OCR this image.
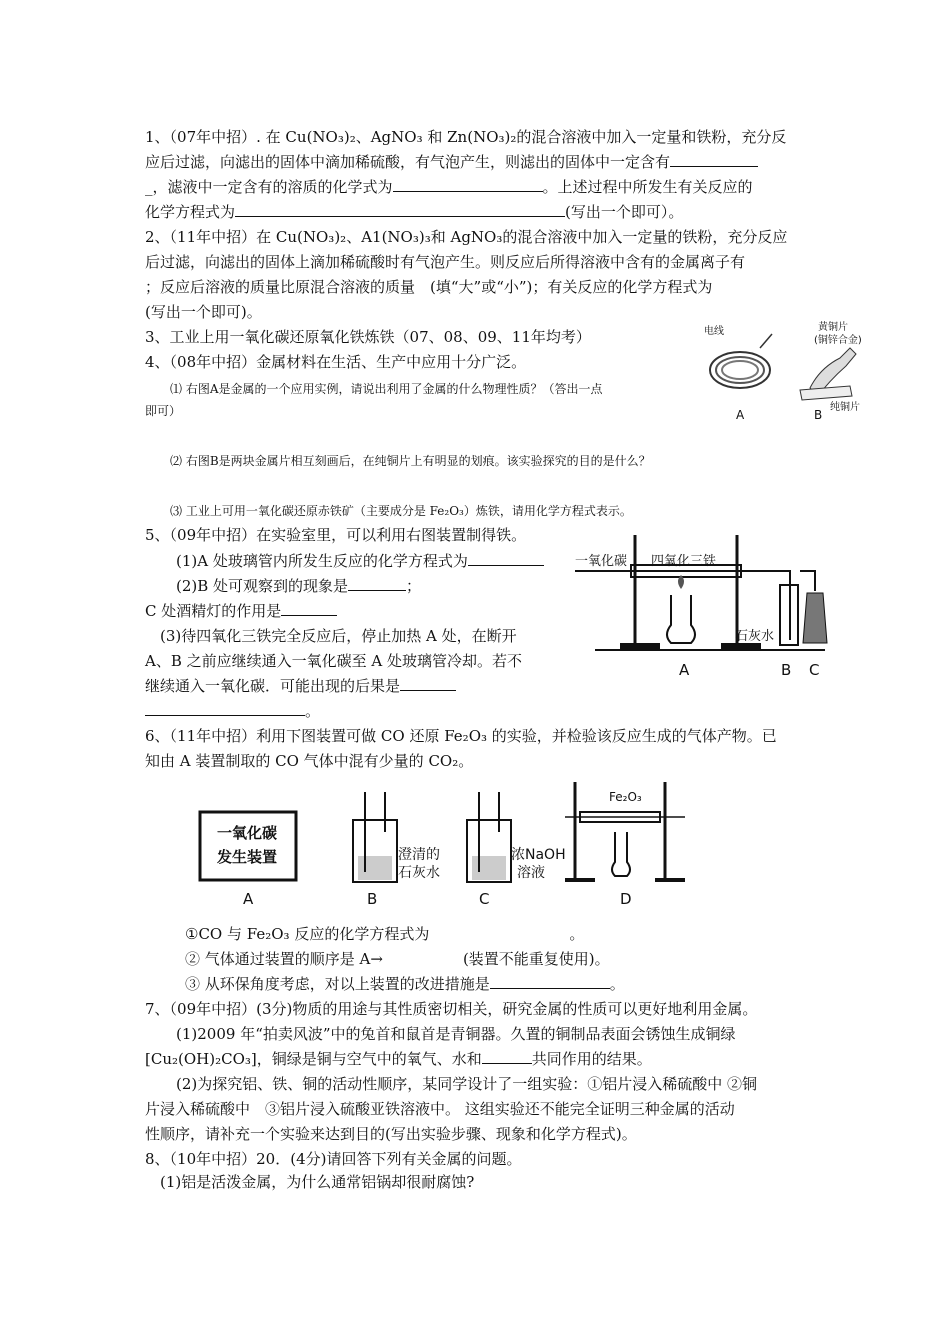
1、（07年中招）. 在 Cu(NO₃)₂、AgNO₃ 和 Zn(NO₃)₂的混合溶液中加入一定量和铁粉，充分反
应后过滤，向滤出的固体中滴加稀硫酸，有气泡产生，则滤出的固体中一定含有
_，滤液中一定含有的溶质的化学式为	。上述过程中所发生有关反应的
化学方程式为	(写出一个即可）。
2、（11年中招）在 Cu(NO₃)₂、A1(NO₃)₃和 AgNO₃的混合溶液中加入一定量的铁粉，充分反应
后过滤，向滤出的固体上滴加稀硫酸时有气泡产生。则反应后所得溶液中含有的金属离子有
；反应后溶液的质量比原混合溶液的质量　(填“大”或“小”)；有关反应的化学方程式为
(写出一个即可)。
3、工业上用一氧化碳还原氧化铁炼铁（07、08、09、11年均考）
4、（08年中招）金属材料在生活、生产中应用十分广泛。
⑴ 右图A是金属的一个应用实例，请说出利用了金属的什么物理性质？（答出一点
即可）
⑵ 右图B是两块金属片相互刻画后，在纯铜片上有明显的划痕。该实验探究的目的是什么？
⑶ 工业上可用一氧化碳还原赤铁矿（主要成分是 Fe₂O₃）炼铁，请用化学方程式表示。
电线	黄铜片
(铜锌合金)
纯铜片
A	B
5、（09年中招）在实验室里，可以利用右图装置制得铁。
(1)A 处玻璃管内所发生反应的化学方程式为
(2)B 处可观察到的现象是	；
C 处酒精灯的作用是
(3)待四氧化三铁完全反应后，停止加热 A 处，在断开
A、B 之前应继续通入一氧化碳至 A 处玻璃管冷却。若不
继续通入一氧化碳．可能出现的后果是
。
一氧化碳 四氧化三铁
石灰水
A	B C
6、（11年中招）利用下图装置可做 CO 还原 Fe₂O₃ 的实验，并检验该反应生成的气体产物。已
知由 A 装置制取的 CO 气体中混有少量的 CO₂。
一氧化碳
发生装置	澄清的
石灰水
浓NaOH
溶液
Fe₂O₃
A	B	C	D
①CO 与 Fe₂O₃ 反应的化学方程式为	。
② 气体通过装置的顺序是 A→	(装置不能重复使用)。
③ 从环保角度考虑，对以上装置的改进措施是	。
7、（09年中招）(3分)物质的用途与其性质密切相关，研究金属的性质可以更好地利用金属。
(1)2009 年“拍卖风波”中的兔首和鼠首是青铜器。久置的铜制品表面会锈蚀生成铜绿
[Cu₂(OH)₂CO₃]，铜绿是铜与空气中的氧气、水和	共同作用的结果。
(2)为探究铝、铁、铜的活动性顺序，某同学设计了一组实验：①铝片浸入稀硫酸中 ②铜
片浸入稀硫酸中　③铝片浸入硫酸亚铁溶液中。 这组实验还不能完全证明三种金属的活动
性顺序，请补充一个实验来达到目的(写出实验步骤、现象和化学方程式)。
8、（10年中招）20．(4分)请回答下列有关金属的问题。
(1)铝是活泼金属，为什么通常铝锅却很耐腐蚀?
